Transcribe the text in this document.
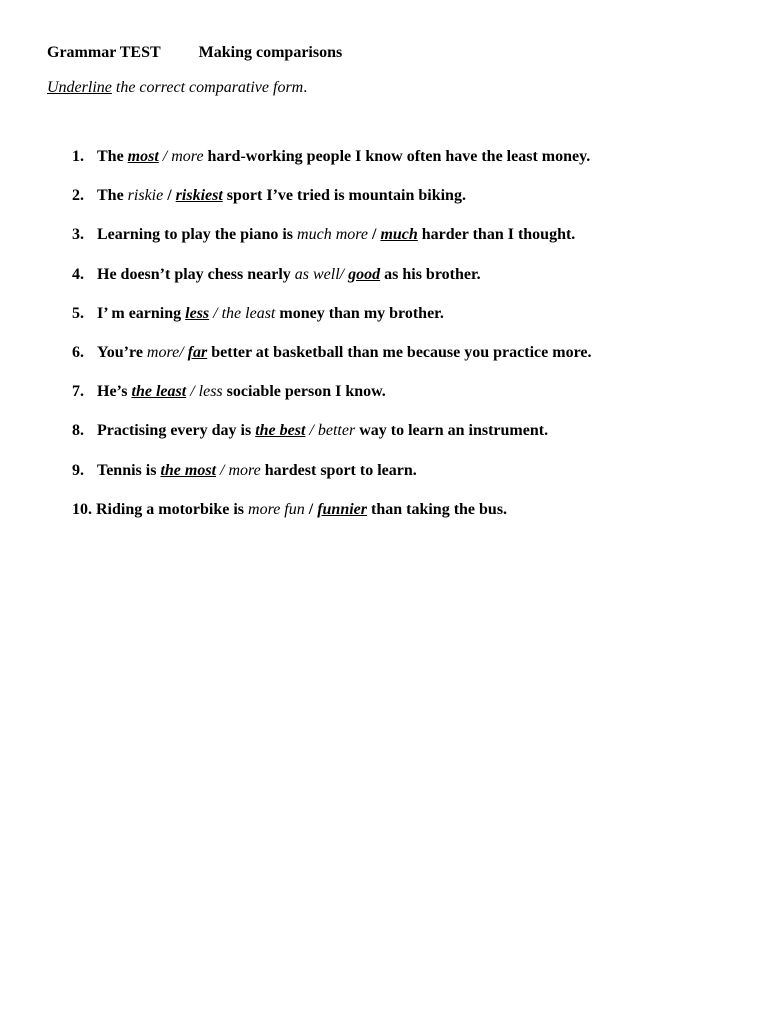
Grammar TEST Making comparisons
Underline the correct comparative form.
1. The most / more hard-working people I know often have the least money.
2. The riskie / riskiest sport I’ve tried is mountain biking.
3. Learning to play the piano is much more / much harder than I thought.
4. He doesn’t play chess nearly as well/ good as his brother.
5. I’ m earning less / the least money than my brother.
6. You’re more/ far better at basketball than me because you practice more.
7. He’s the least / less sociable person I know.
8. Practising every day is the best / better way to learn an instrument.
9. Tennis is the most / more hardest sport to learn.
10. Riding a motorbike is more fun / funnier than taking the bus.
